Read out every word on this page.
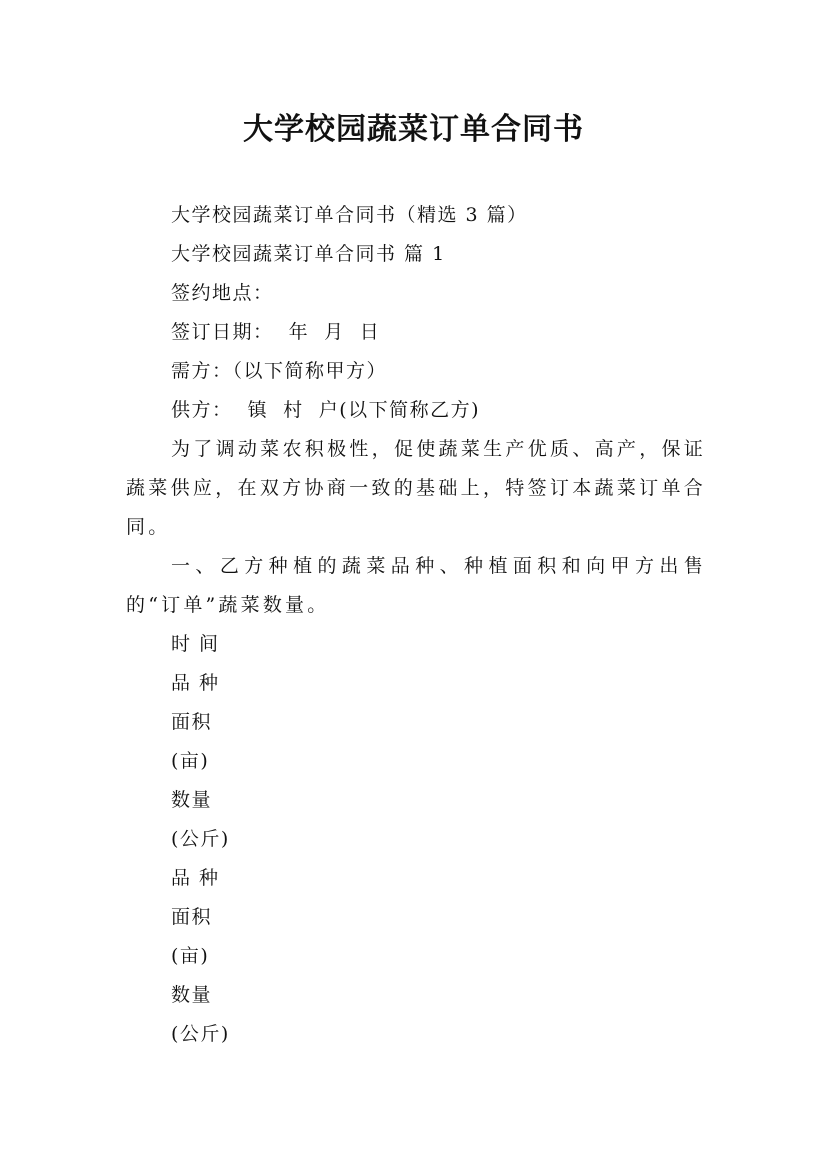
大学校园蔬菜订单合同书

大学校园蔬菜订单合同书（精选 3 篇）

大学校园蔬菜订单合同书 篇 1

签约地点：

签订日期：  年  月  日

需方：（以下简称甲方）

供方：  镇  村  户(以下简称乙方)

为了调动菜农积极性，促使蔬菜生产优质、高产，保证蔬菜供应，在双方协商一致的基础上，特签订本蔬菜订单合同。

一、乙方种植的蔬菜品种、种植面积和向甲方出售的“订单”蔬菜数量。

时 间

品 种

面积

(亩)

数量

(公斤)

品 种

面积

(亩)

数量

(公斤)
